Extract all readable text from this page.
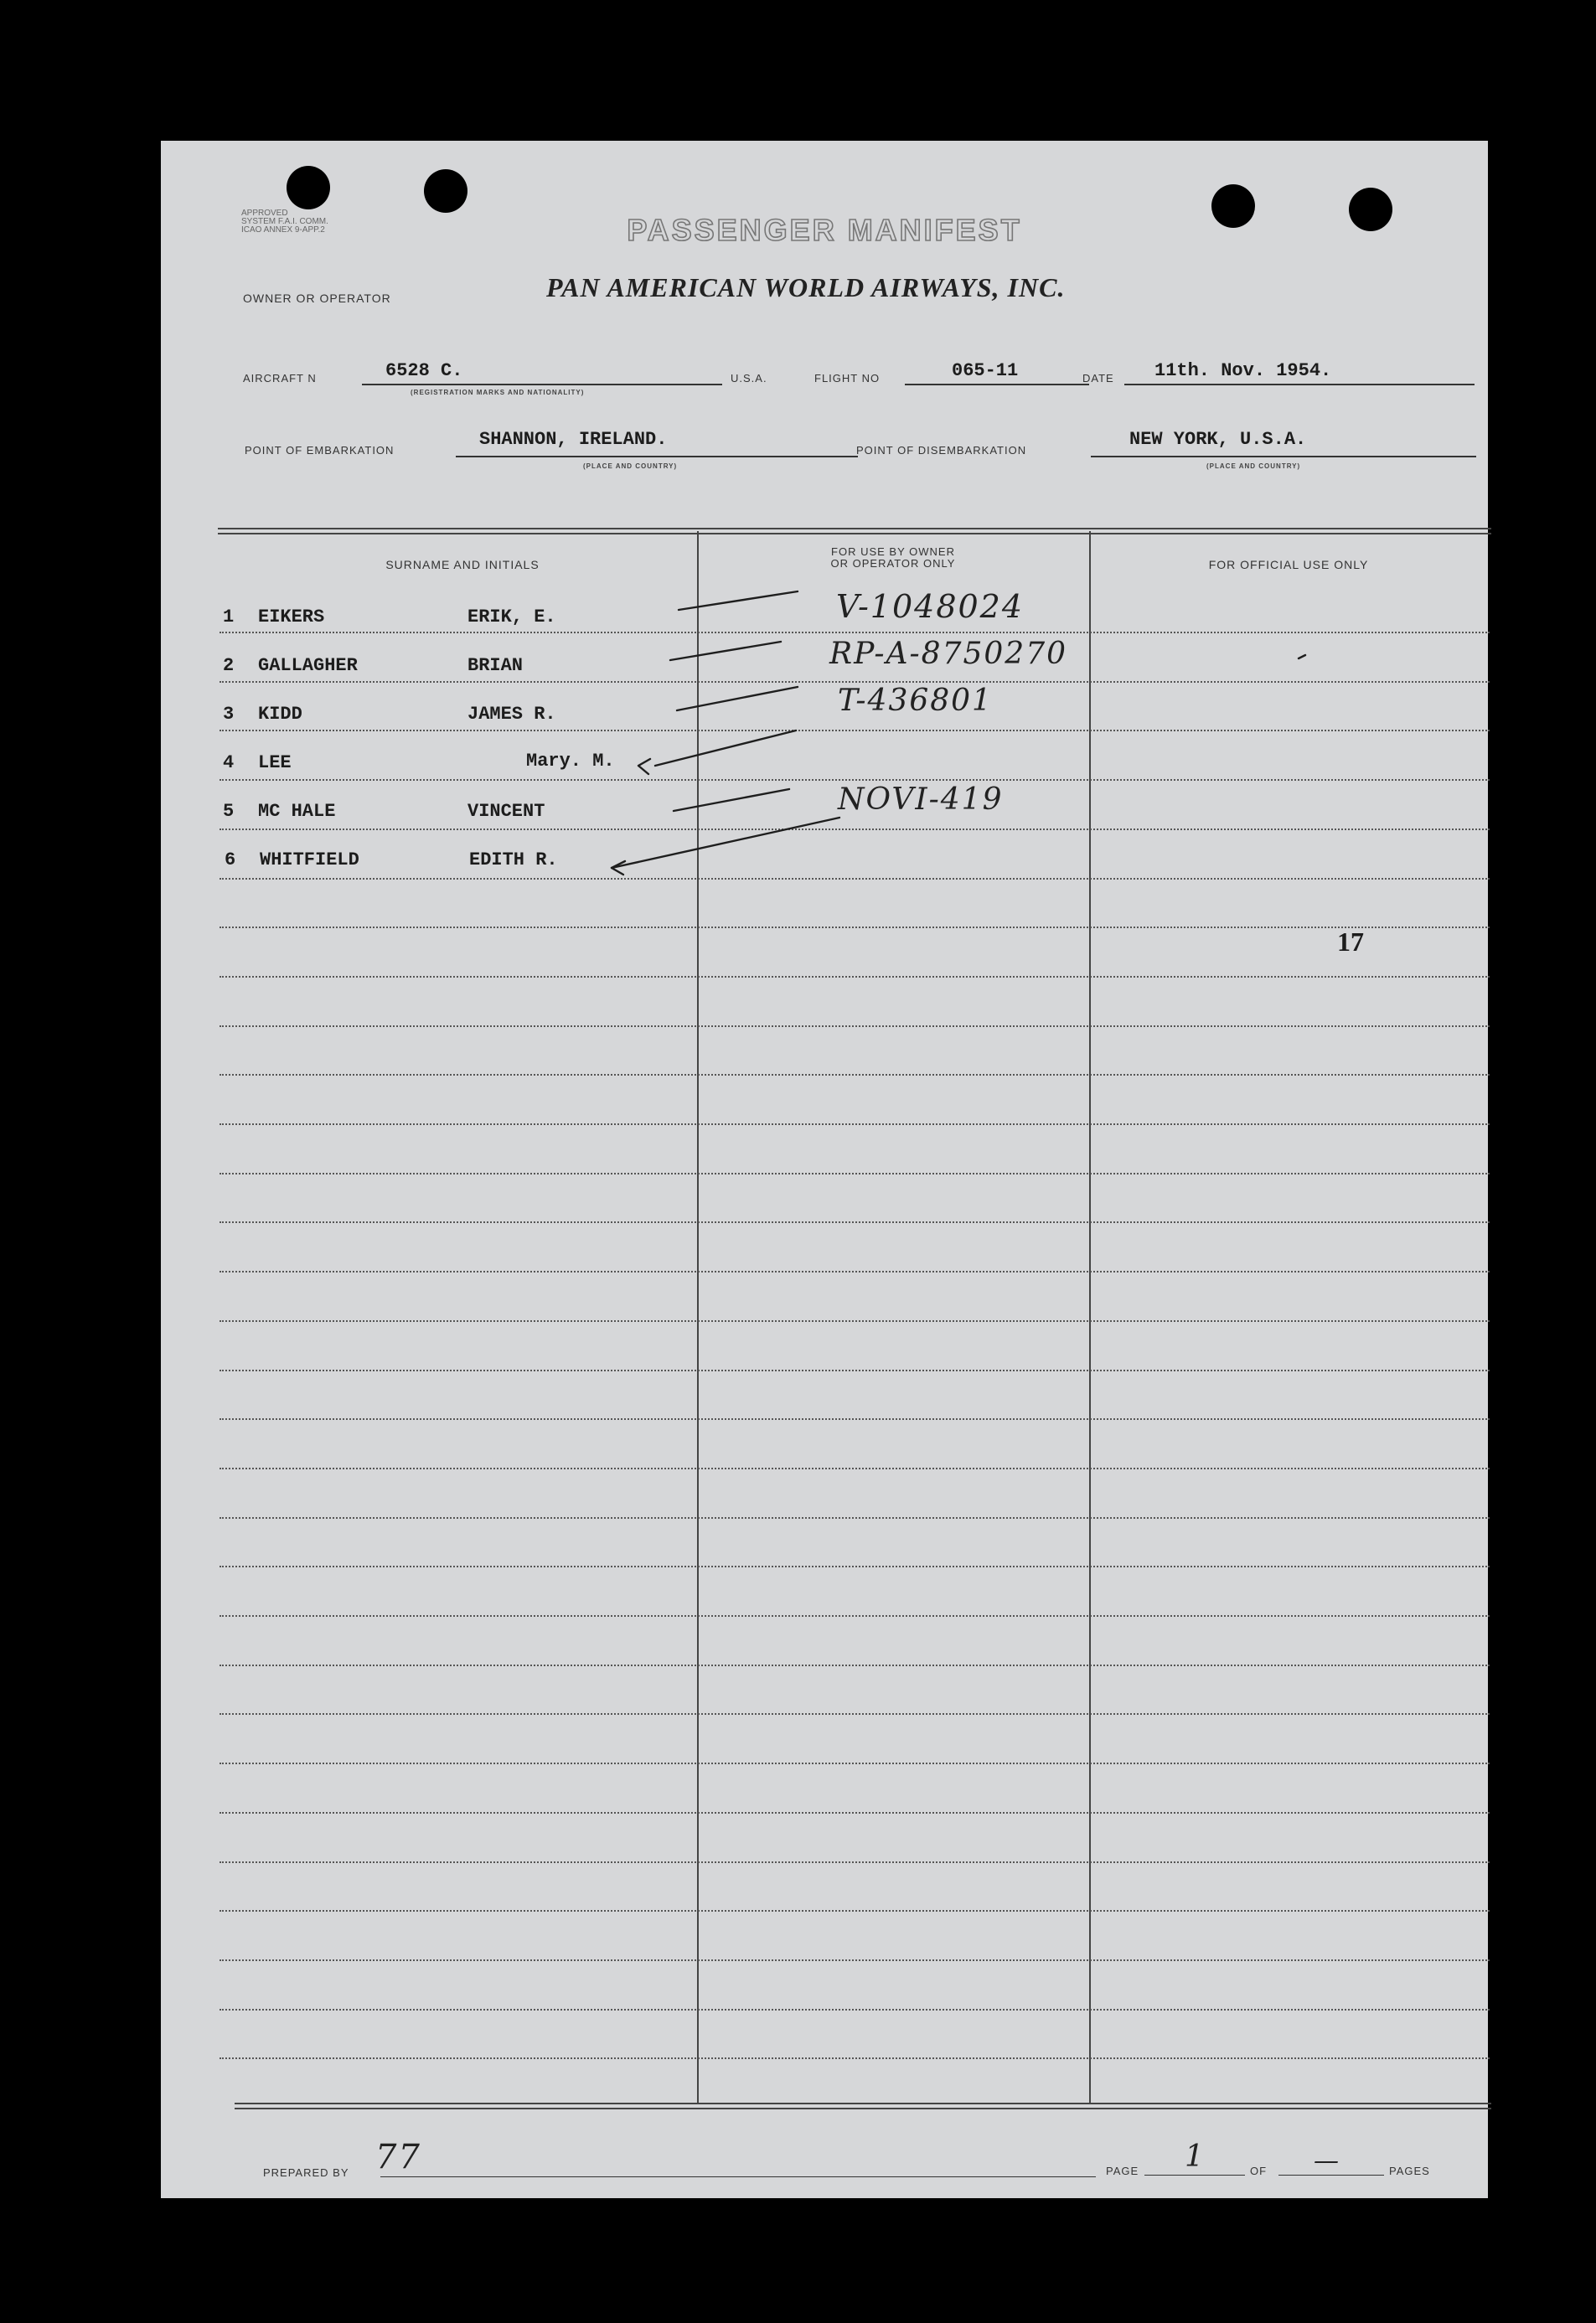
APPROVED
SYSTEM F.A.I. COMM.
ICAO ANNEX 9-APP.2	PASSENGER MANIFEST
OWNER OR OPERATOR	PAN AMERICAN WORLD AIRWAYS, INC.
AIRCRAFT N	6528 C.
(REGISTRATION MARKS AND NATIONALITY)
U.S.A.	FLIGHT NO	065-11	DATE 11th. Nov. 1954.
POINT OF EMBARKATION
SHANNON, IRELAND.
(PLACE AND COUNTRY)
POINT OF DISEMBARKATION
NEW YORK, U.S.A.
(PLACE AND COUNTRY)
SURNAME AND INITIALS
FOR USE BY OWNER
OR OPERATOR ONLY	FOR OFFICIAL USE ONLY
1 EIKERS	ERIK, E.	V-1048024
2 GALLAGHER	BRIAN	RP-A-8750270
3 KIDD	JAMES R.	T-436801
4 LEE	Mary. M.
5 MC HALE	VINCENT	NOVI-419
6 WHITFIELD	EDITH R.
17
PREPARED BY 77	PAGE 1	OF —	PAGES
